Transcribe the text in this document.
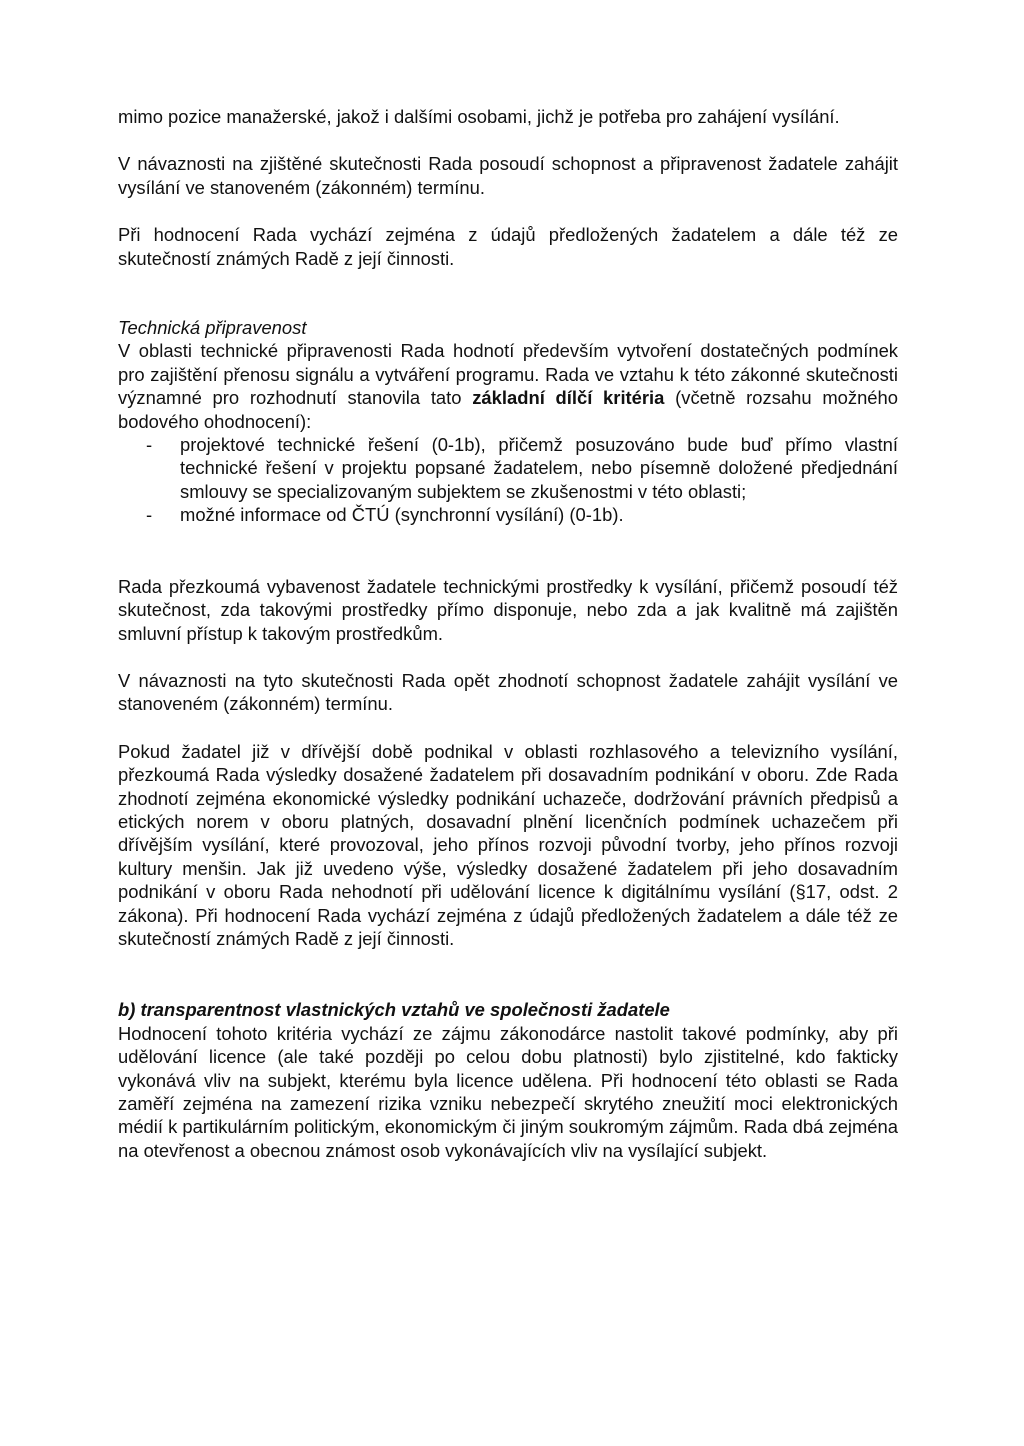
mimo pozice manažerské, jakož i dalšími osobami, jichž je potřeba pro zahájení vysílání.

V návaznosti na zjištěné skutečnosti Rada posoudí schopnost a připravenost žadatele zahájit vysílání ve stanoveném (zákonném) termínu.

Při hodnocení Rada vychází zejména z údajů předložených žadatelem a dále též ze skutečností známých Radě z její činnosti.

Technická připravenost

V oblasti technické připravenosti Rada hodnotí především vytvoření dostatečných podmínek pro zajištění přenosu signálu a vytváření programu. Rada ve vztahu k této zákonné skutečnosti významné pro rozhodnutí stanovila tato základní dílčí kritéria (včetně rozsahu možného bodového ohodnocení):

- projektové technické řešení (0-1b), přičemž posuzováno bude buď přímo vlastní technické řešení v projektu popsané žadatelem, nebo písemně doložené předjednání smlouvy se specializovaným subjektem se zkušenostmi v této oblasti;
- možné informace od ČTÚ (synchronní vysílání) (0-1b).

Rada přezkoumá vybavenost žadatele technickými prostředky k vysílání, přičemž posoudí též skutečnost, zda takovými prostředky přímo disponuje, nebo zda a jak kvalitně má zajištěn smluvní přístup k takovým prostředkům.

V návaznosti na tyto skutečnosti Rada opět zhodnotí schopnost žadatele zahájit vysílání ve stanoveném (zákonném) termínu.

Pokud žadatel již v dřívější době podnikal v oblasti rozhlasového a televizního vysílání, přezkoumá Rada výsledky dosažené žadatelem při dosavadním podnikání v oboru. Zde Rada zhodnotí zejména ekonomické výsledky podnikání uchazeče, dodržování právních předpisů a etických norem v oboru platných, dosavadní plnění licenčních podmínek uchazečem při dřívějším vysílání, které provozoval, jeho přínos rozvoji původní tvorby, jeho přínos rozvoji kultury menšin. Jak již uvedeno výše, výsledky dosažené žadatelem při jeho dosavadním podnikání v oboru Rada nehodnotí při udělování licence k digitálnímu vysílání (§17, odst. 2 zákona). Při hodnocení Rada vychází zejména z údajů předložených žadatelem a dále též ze skutečností známých Radě z její činnosti.

b) transparentnost vlastnických vztahů ve společnosti žadatele

Hodnocení tohoto kritéria vychází ze zájmu zákonodárce nastolit takové podmínky, aby při udělování licence (ale také později po celou dobu platnosti) bylo zjistitelné, kdo fakticky vykonává vliv na subjekt, kterému byla licence udělena. Při hodnocení této oblasti se Rada zaměří zejména na zamezení rizika vzniku nebezpečí skrytého zneužití moci elektronických médií k partikulárním politickým, ekonomickým či jiným soukromým zájmům. Rada dbá zejména na otevřenost a obecnou známost osob vykonávajících vliv na vysílající subjekt.
